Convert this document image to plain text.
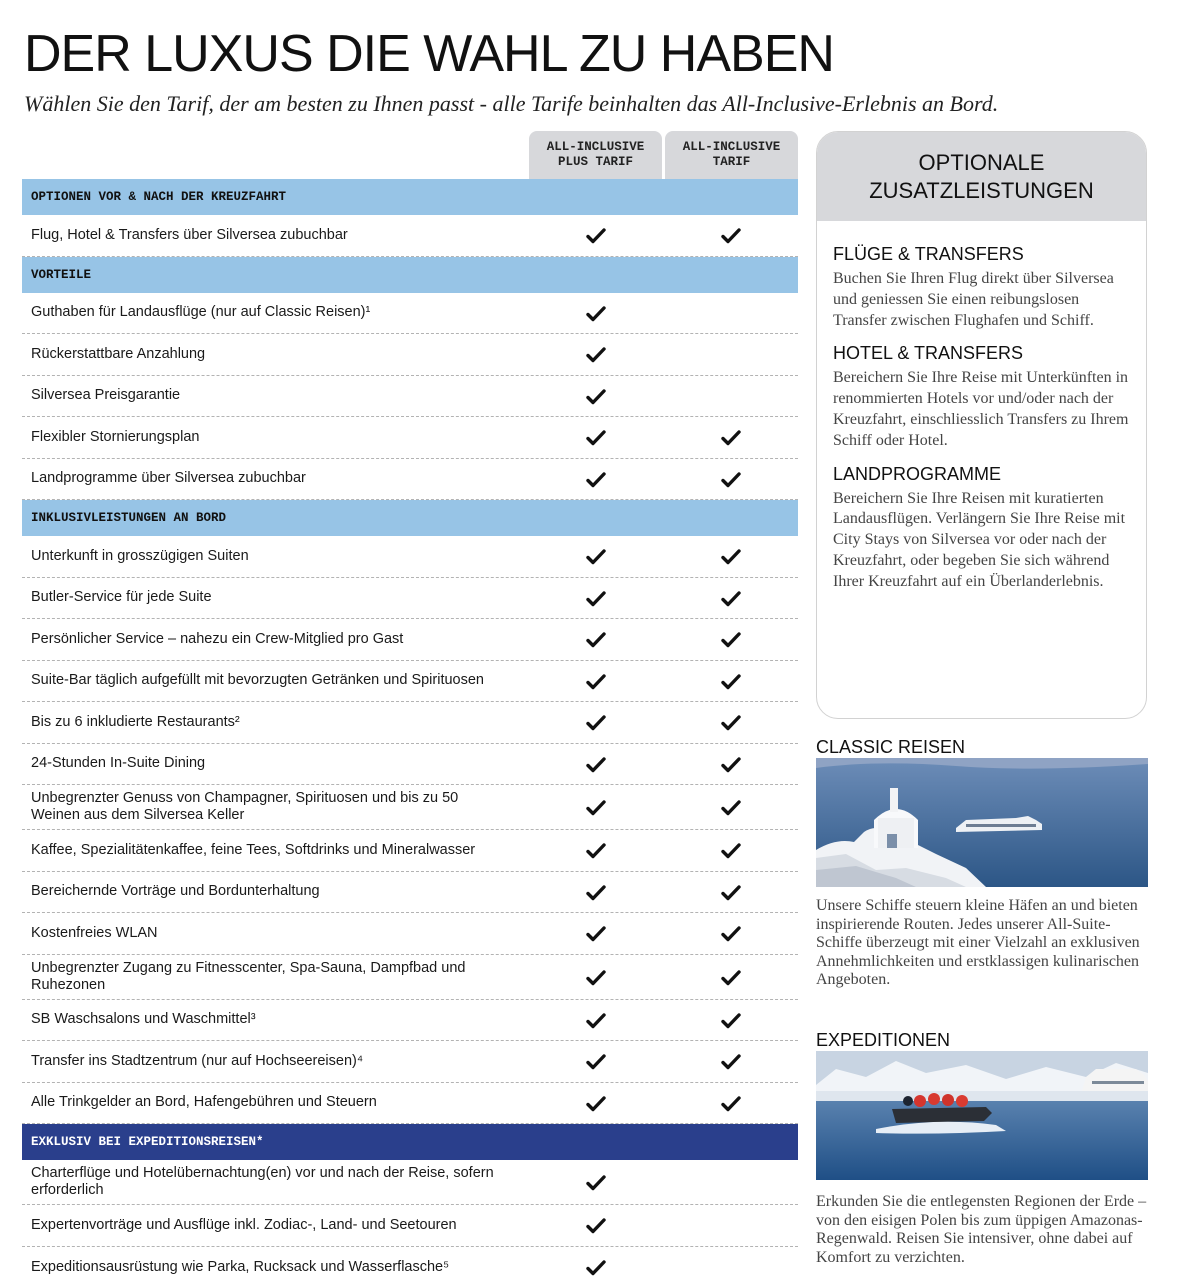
DER LUXUS DIE WAHL ZU HABEN

Wählen Sie den Tarif, der am besten zu Ihnen passt - alle Tarife beinhalten das All-Inclusive-Erlebnis an Bord.

ALL-INCLUSIVE
PLUS TARIF
ALL-INCLUSIVE
TARIF
OPTIONEN VOR & NACH DER KREUZFAHRT
Flug, Hotel & Transfers über Silversea zubuchbar
VORTEILE
Guthaben für Landausflüge (nur auf Classic Reisen)¹
Rückerstattbare Anzahlung
Silversea Preisgarantie
Flexibler Stornierungsplan
Landprogramme über Silversea zubuchbar
INKLUSIVLEISTUNGEN AN BORD
Unterkunft in grosszügigen Suiten
Butler-Service für jede Suite
Persönlicher Service – nahezu ein Crew-Mitglied pro Gast
Suite-Bar täglich aufgefüllt mit bevorzugten Getränken und Spirituosen
Bis zu 6 inkludierte Restaurants²
24-Stunden In-Suite Dining
Unbegrenzter Genuss von Champagner, Spirituosen und bis zu 50 Weinen aus dem Silversea Keller
Kaffee, Spezialitätenkaffee, feine Tees, Softdrinks und Mineralwasser
Bereichernde Vorträge und Bordunterhaltung
Kostenfreies WLAN
Unbegrenzter Zugang zu Fitnesscenter, Spa-Sauna, Dampfbad und Ruhezonen
SB Waschsalons und Waschmittel³
Transfer ins Stadtzentrum (nur auf Hochseereisen)⁴
Alle Trinkgelder an Bord, Hafengebühren und Steuern
EXKLUSIV BEI EXPEDITIONSREISEN*
Charterflüge und Hotelübernachtung(en) vor und nach der Reise, sofern erforderlich
Expertenvorträge und Ausflüge inkl. Zodiac-, Land- und Seetouren
Expeditionsausrüstung wie Parka, Rucksack und Wasserflasche⁵
OPTIONALE
ZUSATZLEISTUNGEN
FLÜGE & TRANSFERS

Buchen Sie Ihren Flug direkt über Silversea und geniessen Sie einen reibungslosen Transfer zwischen Flughafen und Schiff.

HOTEL & TRANSFERS

Bereichern Sie Ihre Reise mit Unterkünften in renommierten Hotels vor und/oder nach der Kreuzfahrt, einschliesslich Transfers zu Ihrem Schiff oder Hotel.

LANDPROGRAMME

Bereichern Sie Ihre Reisen mit kuratierten Landausflügen. Verlängern Sie Ihre Reise mit City Stays von Silversea vor oder nach der Kreuzfahrt, oder begeben Sie sich während Ihrer Kreuzfahrt auf ein Überlanderlebnis.

CLASSIC REISEN

Unsere Schiffe steuern kleine Häfen an und bieten inspirierende Routen. Jedes unserer All-Suite-Schiffe überzeugt mit einer Vielzahl an exklusiven Annehmlichkeiten und erstklassigen kulinarischen Angeboten.

EXPEDITIONEN

Erkunden Sie die entlegensten Regionen der Erde – von den eisigen Polen bis zum üppigen Amazonas-Regenwald. Reisen Sie intensiver, ohne dabei auf Komfort zu verzichten.
